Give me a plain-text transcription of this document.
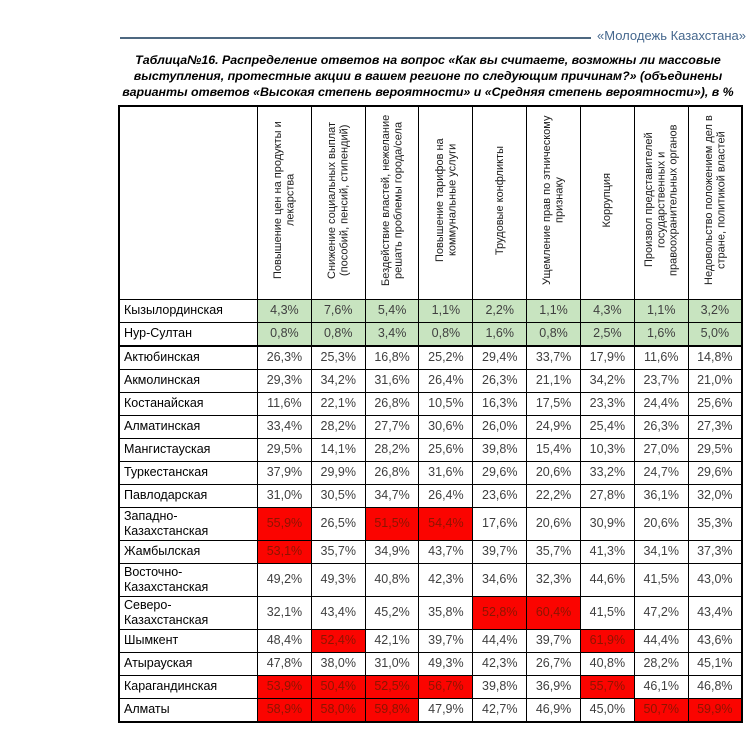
«Молодежь Казахстана»

Таблица№16. Распределение ответов на вопрос «Как вы считаете, возможны ли массовые выступления, протестные акции в вашем регионе по следующим причинам?» (объединены варианты ответов «Высокая степень вероятности» и «Средняя степень вероятности»), в %

	Повышение цен на продукты и лекарства	Снижение социальных выплат (пособий, пенсий, стипендий)	Бездействие властей, нежелание решать проблемы города/села	Повышение тарифов на коммунальные услуги	Трудовые конфликты	Ущемление прав по этническому признаку	Коррупция	Произвол представителей государственных и правоохранительных органов	Недовольство положением дел в стране, политикой властей
Кызылординская	4,3%	7,6%	5,4%	1,1%	2,2%	1,1%	4,3%	1,1%	3,2%
Нур-Султан	0,8%	0,8%	3,4%	0,8%	1,6%	0,8%	2,5%	1,6%	5,0%
Актюбинская	26,3%	25,3%	16,8%	25,2%	29,4%	33,7%	17,9%	11,6%	14,8%
Акмолинская	29,3%	34,2%	31,6%	26,4%	26,3%	21,1%	34,2%	23,7%	21,0%
Костанайская	11,6%	22,1%	26,8%	10,5%	16,3%	17,5%	23,3%	24,4%	25,6%
Алматинская	33,4%	28,2%	27,7%	30,6%	26,0%	24,9%	25,4%	26,3%	27,3%
Мангистауская	29,5%	14,1%	28,2%	25,6%	39,8%	15,4%	10,3%	27,0%	29,5%
Туркестанская	37,9%	29,9%	26,8%	31,6%	29,6%	20,6%	33,2%	24,7%	29,6%
Павлодарская	31,0%	30,5%	34,7%	26,4%	23,6%	22,2%	27,8%	36,1%	32,0%
Западно-Казахстанская	55,9%	26,5%	51,5%	54,4%	17,6%	20,6%	30,9%	20,6%	35,3%
Жамбылская	53,1%	35,7%	34,9%	43,7%	39,7%	35,7%	41,3%	34,1%	37,3%
Восточно-Казахстанская	49,2%	49,3%	40,8%	42,3%	34,6%	32,3%	44,6%	41,5%	43,0%
Северо-Казахстанская	32,1%	43,4%	45,2%	35,8%	52,8%	60,4%	41,5%	47,2%	43,4%
Шымкент	48,4%	52,4%	42,1%	39,7%	44,4%	39,7%	61,9%	44,4%	43,6%
Атырауская	47,8%	38,0%	31,0%	49,3%	42,3%	26,7%	40,8%	28,2%	45,1%
Карагандинская	53,9%	50,4%	52,5%	56,7%	39,8%	36,9%	55,7%	46,1%	46,8%
Алматы	58,9%	58,0%	59,8%	47,9%	42,7%	46,9%	45,0%	50,7%	59,9%
